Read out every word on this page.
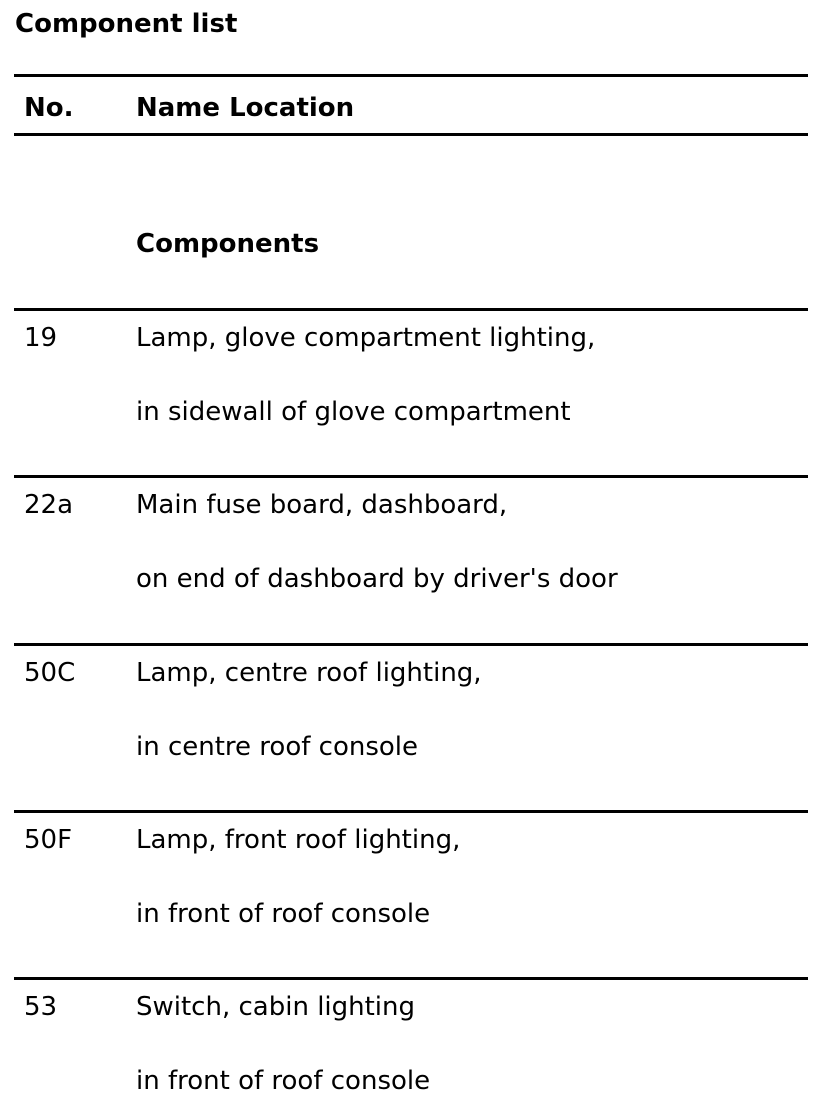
Component list
No. Name Location
Components
19	Lamp, glove compartment lighting,
in sidewall of glove compartment
22a Main fuse board, dashboard,
on end of dashboard by driver's door
50C Lamp, centre roof lighting,
in centre roof console
50F Lamp, front roof lighting,
in front of roof console
53	Switch, cabin lighting
in front of roof console
